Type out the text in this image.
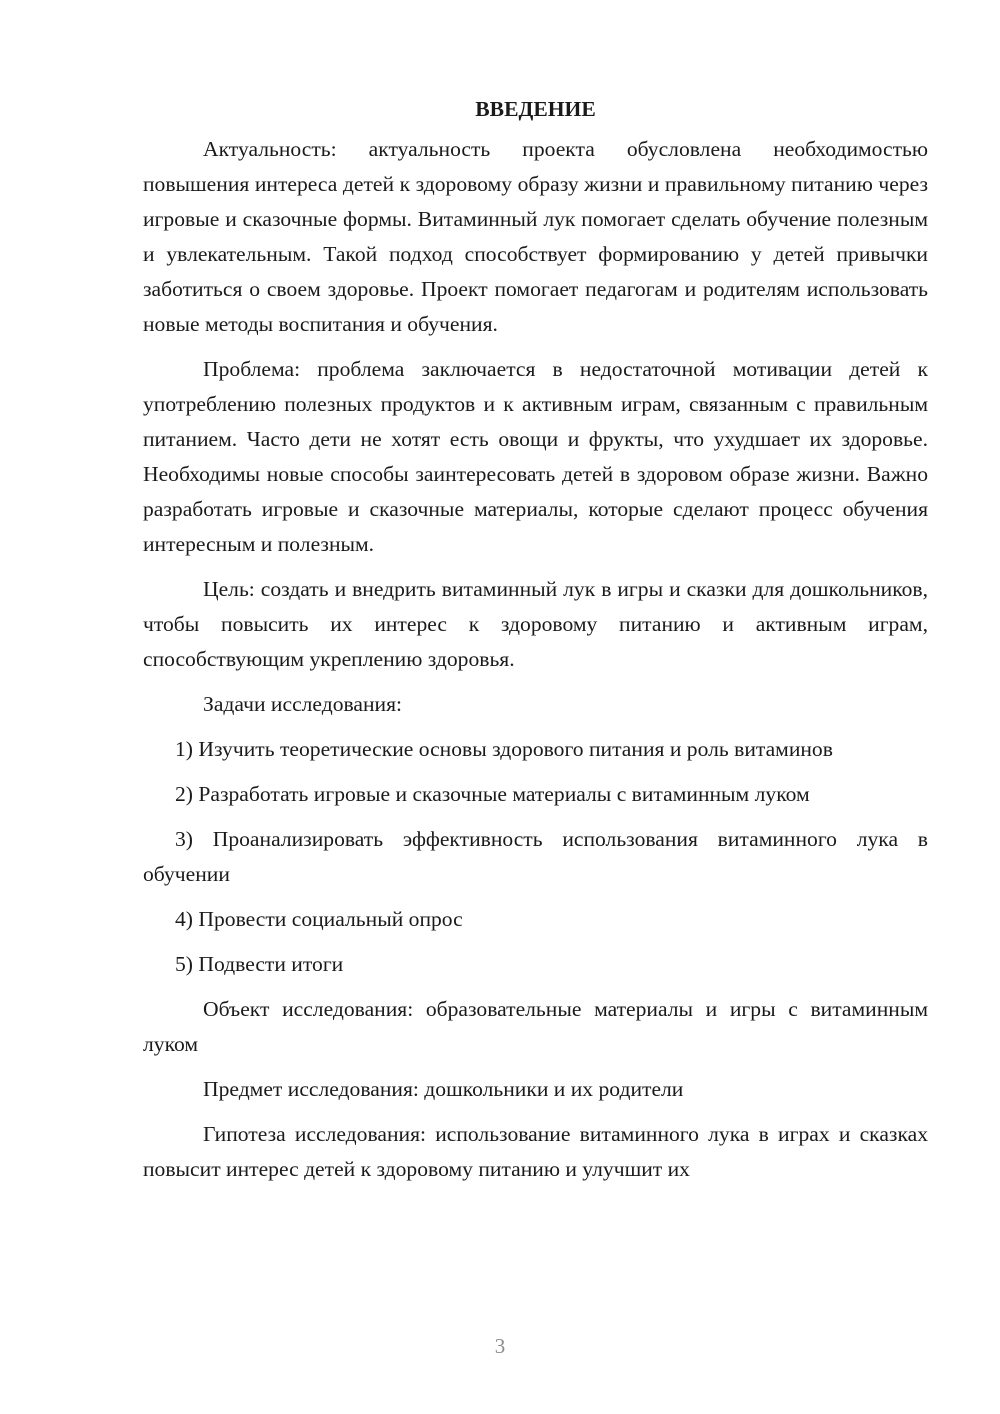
ВВЕДЕНИЕ

Актуальность: актуальность проекта обусловлена необходимостью повышения интереса детей к здоровому образу жизни и правильному питанию через игровые и сказочные формы. Витаминный лук помогает сделать обучение полезным и увлекательным. Такой подход способствует формированию у детей привычки заботиться о своем здоровье. Проект помогает педагогам и родителям использовать новые методы воспитания и обучения.

Проблема: проблема заключается в недостаточной мотивации детей к употреблению полезных продуктов и к активным играм, связанным с правильным питанием. Часто дети не хотят есть овощи и фрукты, что ухудшает их здоровье. Необходимы новые способы заинтересовать детей в здоровом образе жизни. Важно разработать игровые и сказочные материалы, которые сделают процесс обучения интересным и полезным.

Цель: создать и внедрить витаминный лук в игры и сказки для дошкольников, чтобы повысить их интерес к здоровому питанию и активным играм, способствующим укреплению здоровья.

Задачи исследования:

1) Изучить теоретические основы здорового питания и роль витаминов

2) Разработать игровые и сказочные материалы с витаминным луком

3) Проанализировать эффективность использования витаминного лука в обучении

4) Провести социальный опрос

5) Подвести итоги

Объект исследования: образовательные материалы и игры с витаминным луком

Предмет исследования: дошкольники и их родители

Гипотеза исследования: использование витаминного лука в играх и сказках повысит интерес детей к здоровому питанию и улучшит их

3
